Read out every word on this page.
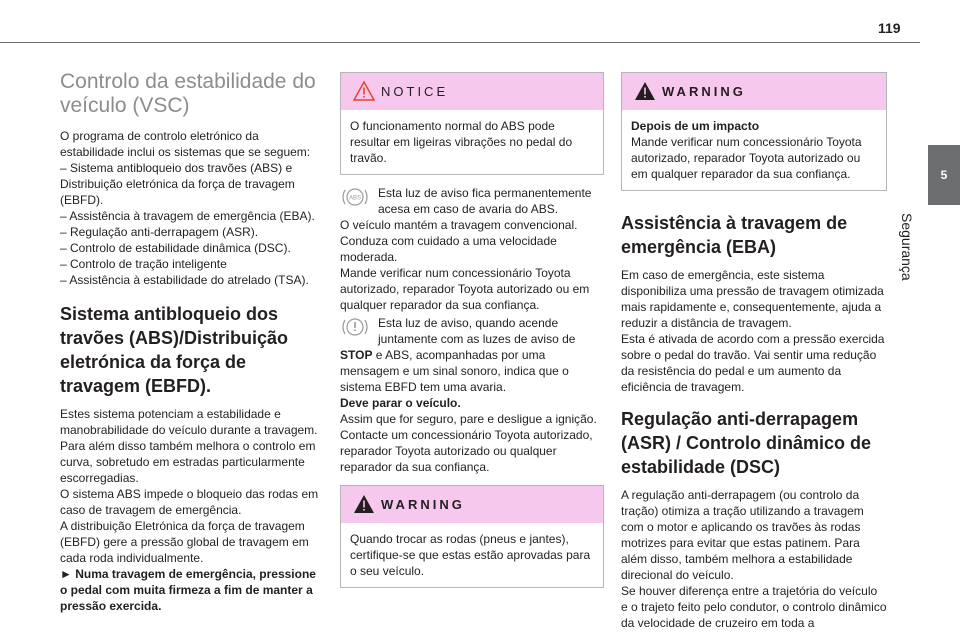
119
5
Segurança
Controlo da estabilidade do veículo (VSC)

O programa de controlo eletrónico da estabilidade inclui os sistemas que se seguem:

– Sistema antibloqueio dos travões (ABS) e Distribuição eletrónica da força de travagem (EBFD).

– Assistência à travagem de emergência (EBA).

– Regulação anti-derrapagem (ASR).

– Controlo de estabilidade dinâmica (DSC).

– Controlo de tração inteligente

– Assistência à estabilidade do atrelado (TSA).

Sistema antibloqueio dos travões (ABS)/Distribuição eletrónica da força de travagem (EBFD).

Estes sistema potenciam a estabilidade e manobrabilidade do veículo durante a travagem.

Para além disso também melhora o controlo em curva, sobretudo em estradas particularmente escorregadias.

O sistema ABS impede o bloqueio das rodas em caso de travagem de emergência.

A distribuição Eletrónica da força de travagem (EBFD) gere a pressão global de travagem em cada roda individualmente.

► Numa travagem de emergência, pressione o pedal com muita firmeza a fim de manter a pressão exercida.

NOTICE

O funcionamento normal do ABS pode resultar em ligeiras vibrações no pedal do travão.

ABS	Esta luz de aviso fica permanentemente acesa em caso de avaria do ABS.

O veículo mantém a travagem convencional.

Conduza com cuidado a uma velocidade moderada.

Mande verificar num concessionário Toyota autorizado, reparador Toyota autorizado ou em qualquer reparador da sua confiança.

Esta luz de aviso, quando acende juntamente com as luzes de aviso de STOP e ABS, acompanhadas por uma mensagem e um sinal sonoro, indica que o sistema EBFD tem uma avaria.

Deve parar o veículo.

Assim que for seguro, pare e desligue a ignição.

Contacte um concessionário Toyota autorizado, reparador Toyota autorizado ou qualquer reparador da sua confiança.

WARNING

Quando trocar as rodas (pneus e jantes), certifique-se que estas estão aprovadas para o seu veículo.

WARNING

Depois de um impacto

Mande verificar num concessionário Toyota autorizado, reparador Toyota autorizado ou em qualquer reparador da sua confiança.

Assistência à travagem de emergência (EBA)

Em caso de emergência, este sistema disponibiliza uma pressão de travagem otimizada mais rapidamente e, consequentemente, ajuda a reduzir a distância de travagem.

Esta é ativada de acordo com a pressão exercida sobre o pedal do travão. Vai sentir uma redução da resistência do pedal e um aumento da eficiência de travagem.

Regulação anti-derrapagem (ASR) / Controlo dinâmico de estabilidade (DSC)

A regulação anti-derrapagem (ou controlo da tração) otimiza a tração utilizando a travagem com o motor e aplicando os travões às rodas motrizes para evitar que estas patinem. Para além disso, também melhora a estabilidade direcional do veículo.

Se houver diferença entre a trajetória do veículo e o trajeto feito pelo condutor, o controlo dinâmico da velocidade de cruzeiro em toda a
